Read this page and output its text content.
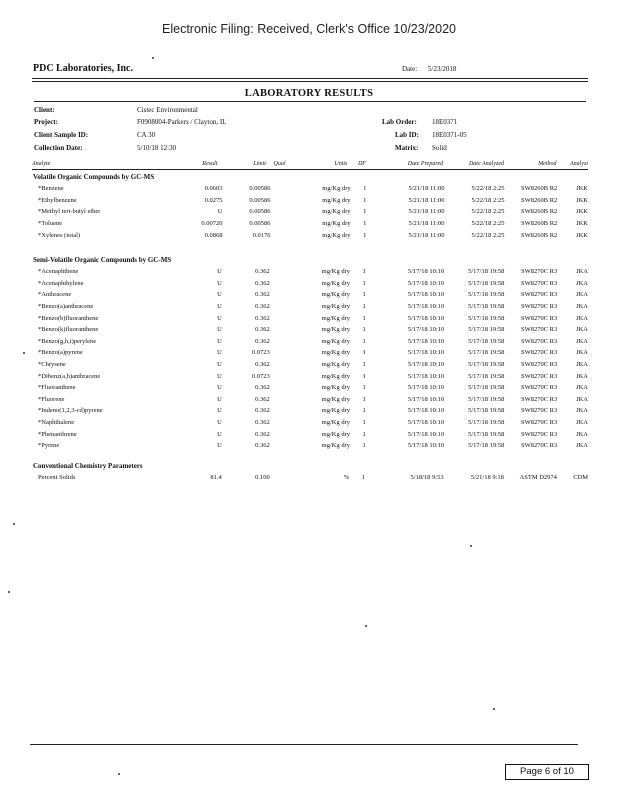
Electronic Filing: Received, Clerk's Office 10/23/2020
PDC Laboratories, Inc.	Date: 5/23/2018
LABORATORY RESULTS
Client:	Cistec Environmental
Project:	F0908004-Parkers / Clayton, IL	Lab Order: 18E0371
Client Sample ID:	CA 30	Lab ID: 18E0371-05
Collection Date:	5/10/18 12:30	Matrix: Solid
Analyte	Result	Limit	Qual	Units	DF	Date Prepared	Date Analyzed	Method	Analyst
Volatile Organic Compounds by GC-MS
*Benzene	0.0603	0.00586		mg/Kg dry	1	5/21/18 11:00	5/22/18 2:25	SW8260B R2	JKK
*Ethylbenzene	0.0275	0.00586		mg/Kg dry	1	5/21/18 11:00	5/22/18 2:25	SW8260B R2	JKK
*Methyl tert-butyl ether	U	0.00586		mg/Kg dry	1	5/21/18 11:00	5/22/18 2:25	SW8260B R2	JKK
*Toluene	0.00720	0.00586		mg/Kg dry	1	5/21/18 11:00	5/22/18 2:25	SW8260B R2	JKK
*Xylenes (total)	0.0868	0.0176		mg/Kg dry	1	5/21/18 11:00	5/22/18 2:25	SW8260B R2	JKK
Semi-Volatile Organic Compounds by GC-MS
*Acenaphthene	U	0.362		mg/Kg dry	1	5/17/18 10:10	5/17/18 19:58	SW8270C R3	JKA
*Acenaphthylene	U	0.362		mg/Kg dry	1	5/17/18 10:10	5/17/18 19:58	SW8270C R3	JKA
*Anthracene	U	0.362		mg/Kg dry	1	5/17/18 10:10	5/17/18 19:58	SW8270C R3	JKA
*Benzo(a)anthracene	U	0.362		mg/Kg dry	1	5/17/18 10:10	5/17/18 19:58	SW8270C R3	JKA
*Benzo(b)fluoranthene	U	0.362		mg/Kg dry	1	5/17/18 10:10	5/17/18 19:58	SW8270C R3	JKA
*Benzo(k)fluoranthene	U	0.362		mg/Kg dry	1	5/17/18 10:10	5/17/18 19:58	SW8270C R3	JKA
*Benzo(g,h,i)perylene	U	0.362		mg/Kg dry	1	5/17/18 10:10	5/17/18 19:58	SW8270C R3	JKA
*Benzo(a)pyrene	U	0.0723		mg/Kg dry	1	5/17/18 10:10	5/17/18 19:58	SW8270C R3	JKA
*Chrysene	U	0.362		mg/Kg dry	1	5/17/18 10:10	5/17/18 19:58	SW8270C R3	JKA
*Dibenz(a,h)anthracene	U	0.0723		mg/Kg dry	1	5/17/18 10:10	5/17/18 19:58	SW8270C R3	JKA
*Fluoranthene	U	0.362		mg/Kg dry	1	5/17/18 10:10	5/17/18 19:58	SW8270C R3	JKA
*Fluorene	U	0.362		mg/Kg dry	1	5/17/18 10:10	5/17/18 19:58	SW8270C R3	JKA
*Indeno(1,2,3-cd)pyrene	U	0.362		mg/Kg dry	1	5/17/18 10:10	5/17/18 19:58	SW8270C R3	JKA
*Naphthalene	U	0.362		mg/Kg dry	1	5/17/18 10:10	5/17/18 19:58	SW8270C R3	JKA
*Phenanthrene	U	0.362		mg/Kg dry	1	5/17/18 10:10	5/17/18 19:58	SW8270C R3	JKA
*Pyrene	U	0.362		mg/Kg dry	1	5/17/18 10:10	5/17/18 19:58	SW8270C R3	JKA
Conventional Chemistry Parameters
Percent Solids	81.4	0.100		%	1	5/18/18 9:53	5/21/18 9:18	ASTM D2974	CDM
Page 6 of 10
